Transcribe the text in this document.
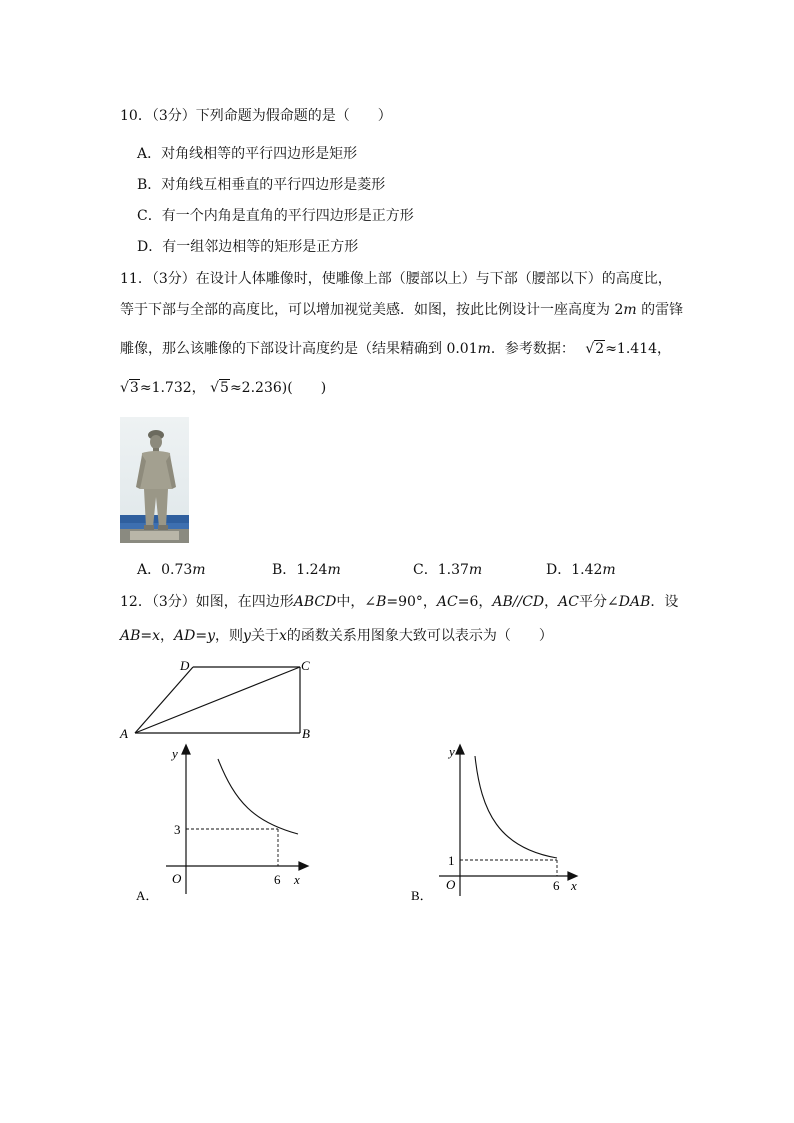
10．（3分）下列命题为假命题的是（　　）
A．对角线相等的平行四边形是矩形
B．对角线互相垂直的平行四边形是菱形
C．有一个内角是直角的平行四边形是正方形
D．有一组邻边相等的矩形是正方形
11．（3分）在设计人体雕像时，使雕像上部（腰部以上）与下部（腰部以下）的高度比，
等于下部与全部的高度比，可以增加视觉美感．如图，按此比例设计一座高度为 2m 的雷锋
雕像，那么该雕像的下部设计高度约是（结果精确到 0.01m．参考数据： √2≈1.414，
√3≈1.732， √5≈2.236)(　　)
A．0.73m	B．1.24m	C．1.37m	D．1.42m
12．（3分）如图，在四边形ABCD中，∠B=90°，AC=6，AB//CD，AC平分∠DAB．设
AB=x，AD=y，则y关于x的函数关系用图象大致可以表示为（　　）
D	C
A	B
y
x
O	6
3
A．
y
x
O	6
1
B．
